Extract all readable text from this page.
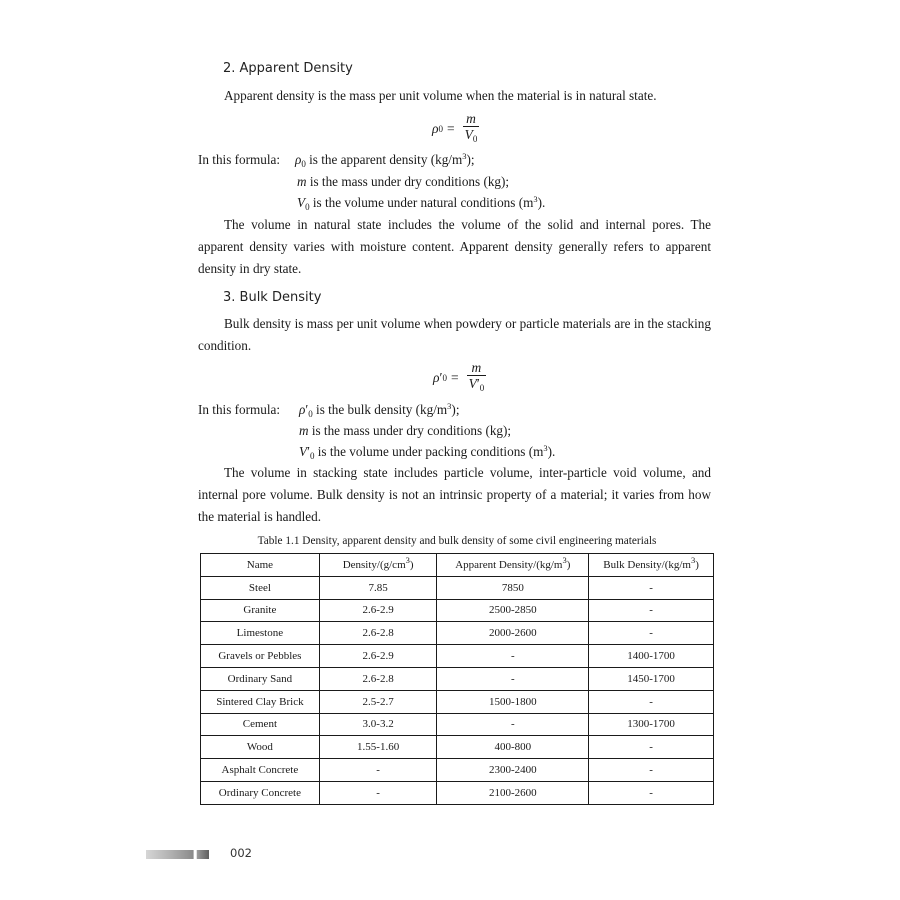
2. Apparent Density
Apparent density is the mass per unit volume when the material is in natural state.
ρ $0 = \frac{m}{V_0}$
In this formula: $\rho_0$ is the apparent density $(kg/m^3)$;
m is the mass under dry conditions (kg);
$V_0$ is the volume under natural conditions $(m^3)$.
The volume in natural state includes the volume of the solid and internal pores. The apparent density varies with moisture content. Apparent density generally refers to apparent density in dry state.
3. Bulk Density
Bulk density is mass per unit volume when powdery or particle materials are in the stacking condition.
ρ ′ $0 = \frac{m}{V'_0}$
In this formula: $\rho'_0$ is the bulk density $(kg/m^3)$;
m is the mass under dry conditions (kg);
$V'_0$ is the volume under packing conditions $(m^3)$.
The volume in stacking state includes particle volume, inter-particle void volume, and internal pore volume. Bulk density is not an intrinsic property of a material; it varies from how the material is handled.
Table 1.1 Density, apparent density and bulk density of some civil engineering materials
Name	Density/$(g/cm^3)$	Apparent Density/$(kg/m^3)$	Bulk Density/$(kg/m^3)$
Steel	7.85	7850	-
Granite	2.6-2.9	2500-2850	-
Limestone	2.6-2.8	2000-2600	-
Gravels or Pebbles	2.6-2.9	-	1400-1700
Ordinary Sand	2.6-2.8	-	1450-1700
Sintered Clay Brick	2.5-2.7	1500-1800	-
Cement	3.0-3.2	-	1300-1700
Wood	1.55-1.60	400-800	-
Asphalt Concrete	-	2300-2400	-
Ordinary Concrete	-	2100-2600	-
002
